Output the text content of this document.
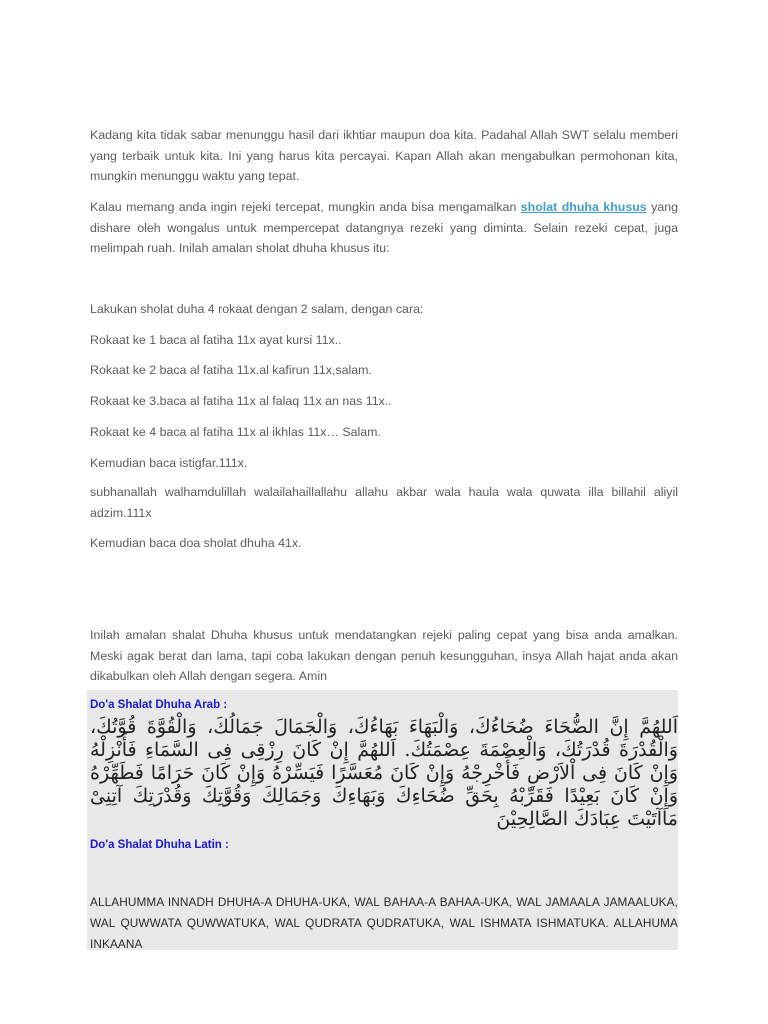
Kadang kita tidak sabar menunggu hasil dari ikhtiar maupun doa kita. Padahal Allah SWT selalu memberi yang terbaik untuk kita. Ini yang harus kita percayai. Kapan Allah akan mengabulkan permohonan kita, mungkin menunggu waktu yang tepat.

Kalau memang anda ingin rejeki tercepat, mungkin anda bisa mengamalkan sholat dhuha khusus yang dishare oleh wongalus untuk mempercepat datangnya rezeki yang diminta. Selain rezeki cepat, juga melimpah ruah. Inilah amalan sholat dhuha khusus itu:

Lakukan sholat duha 4 rokaat dengan 2 salam, dengan cara:

Rokaat ke 1 baca al fatiha 11x ayat kursi 11x..

Rokaat ke 2 baca al fatiha 11x.al kafirun 11x,salam.

Rokaat ke 3.baca al fatiha 11x al falaq 11x an nas 11x..

Rokaat ke 4 baca al fatiha 11x al ikhlas 11x… Salam.

Kemudian baca istigfar.111x.

subhanallah walhamdulillah walailahaillallahu allahu akbar wala haula wala quwata illa billahil aliyil adzim.111x

Kemudian baca doa sholat dhuha 41x.

Inilah amalan shalat Dhuha khusus untuk mendatangkan rejeki paling cepat yang bisa anda amalkan. Meski agak berat dan lama, tapi coba lakukan dengan penuh kesungguhan, insya Allah hajat anda akan dikabulkan oleh Allah dengan segera. Amin

Do'a Shalat Dhuha Arab :
اَللهُمَّ إِنَّ الضُّحَاءَ ضُحَاءُكَ، وَالْبَهَاءَ بَهَاءُكَ، وَالْجَمَالَ جَمَالُكَ، وَالْقُوَّةَ قُوَّتُكَ، وَالْقُدْرَةَ قُدْرَتُكَ، وَالْعِصْمَةَ عِصْمَتُكَ. اَللهُمَّ إِنْ كَانَ رِزْقِى فِى السَّمَاءِ فَأَنْزِلْهُ وَإِنْ كَانَ فِى اْلاَرْضِ فَأَخْرِجْهُ وَإِنْ كَانَ مُعَسَّرًا فَيَسِّرْهُ وَإِنْ كَانَ حَرَامًا فَطَهِّرْهُ وَإِنْ كَانَ بَعِيْدًا فَقَرِّبْهُ بِحَقِّ ضُحَاءِكَ وَبَهَاءِكَ وَجَمَالِكَ وَقُوَّتِكَ وَقُدْرَتِكَ آتِنِىْ مَاآتَيْتَ عِبَادَكَ الصَّالِحِيْنَ
Do'a Shalat Dhuha Latin :
ALLAHUMMA INNADH DHUHA-A DHUHA-UKA, WAL BAHAA-A BAHAA-UKA, WAL JAMAALA JAMAALUKA, WAL QUWWATA QUWWATUKA, WAL QUDRATA QUDRATUKA, WAL ISHMATA ISHMATUKA. ALLAHUMA INKAANA
